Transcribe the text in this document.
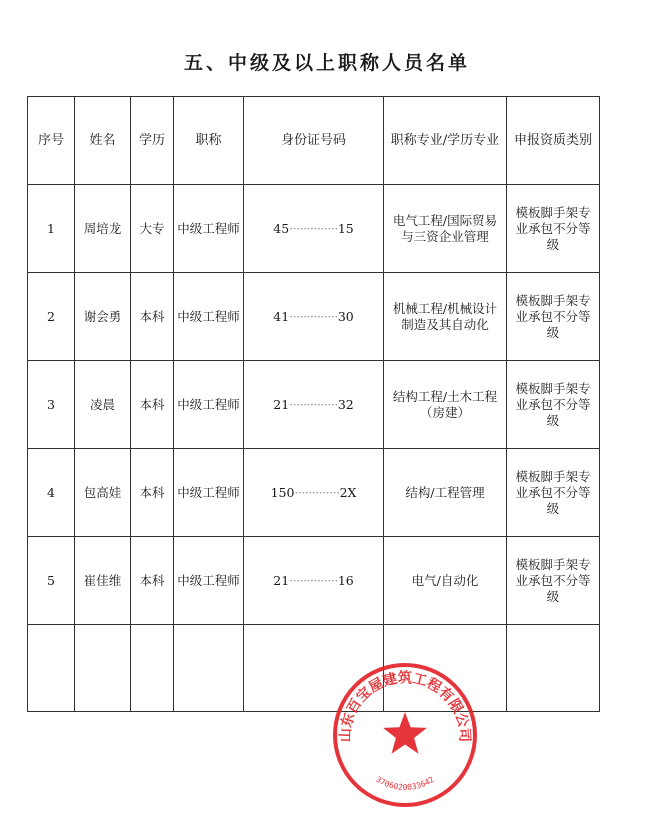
五、中级及以上职称人员名单
序号	姓名	学历	职称	身份证号码	职称专业/学历专业	申报资质类别
1	周培龙	大专	中级工程师	45··············15	电气工程/国际贸易与三资企业管理	模板脚手架专业承包不分等级
2	谢会勇	本科	中级工程师	41··············30	机械工程/机械设计制造及其自动化	模板脚手架专业承包不分等级
3	凌晨	本科	中级工程师	21··············32	结构工程/土木工程（房建）	模板脚手架专业承包不分等级
4	包高娃	本科	中级工程师	150·············2X	结构/工程管理	模板脚手架专业承包不分等级
5	崔佳维	本科	中级工程师	21··············16	电气/自动化	模板脚手架专业承包不分等级

山东百宝屋建筑工程有限公司
3706020033642
